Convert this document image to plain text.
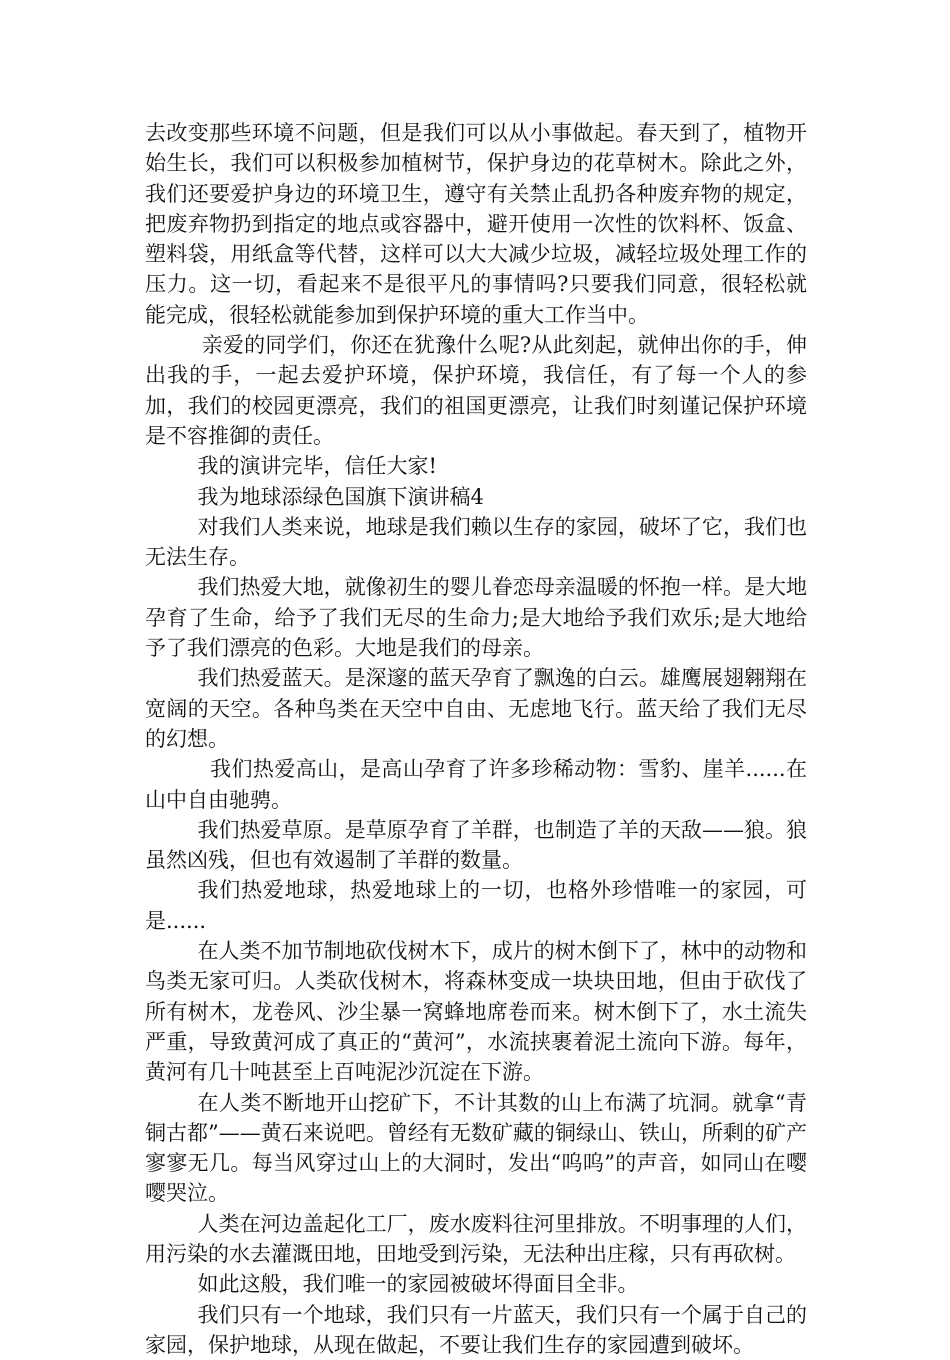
去改变那些环境不问题，但是我们可以从小事做起。春天到了，植物开始生长，我们可以积极参加植树节，保护身边的花草树木。除此之外，我们还要爱护身边的环境卫生，遵守有关禁止乱扔各种废弃物的规定，把废弃物扔到指定的地点或容器中，避开使用一次性的饮料杯、饭盒、塑料袋，用纸盒等代替，这样可以大大减少垃圾，减轻垃圾处理工作的压力。这一切，看起来不是很平凡的事情吗?只要我们同意，很轻松就能完成，很轻松就能参加到保护环境的重大工作当中。

亲爱的同学们，你还在犹豫什么呢?从此刻起，就伸出你的手，伸出我的手，一起去爱护环境，保护环境，我信任，有了每一个人的参加，我们的校园更漂亮，我们的祖国更漂亮，让我们时刻谨记保护环境是不容推御的责任。

我的演讲完毕，信任大家!

我为地球添绿色国旗下演讲稿4

对我们人类来说，地球是我们赖以生存的家园，破坏了它，我们也无法生存。

我们热爱大地，就像初生的婴儿眷恋母亲温暖的怀抱一样。是大地孕育了生命，给予了我们无尽的生命力;是大地给予我们欢乐;是大地给予了我们漂亮的色彩。大地是我们的母亲。

我们热爱蓝天。是深邃的蓝天孕育了飘逸的白云。雄鹰展翅翱翔在宽阔的天空。各种鸟类在天空中自由、无虑地飞行。蓝天给了我们无尽的幻想。

我们热爱高山，是高山孕育了许多珍稀动物：雪豹、崖羊......在山中自由驰骋。

我们热爱草原。是草原孕育了羊群，也制造了羊的天敌——狼。狼虽然凶残，但也有效遏制了羊群的数量。

我们热爱地球，热爱地球上的一切，也格外珍惜唯一的家园，可是......

在人类不加节制地砍伐树木下，成片的树木倒下了，林中的动物和鸟类无家可归。人类砍伐树木，将森林变成一块块田地，但由于砍伐了所有树木，龙卷风、沙尘暴一窝蜂地席卷而来。树木倒下了，水土流失严重，导致黄河成了真正的“黄河”，水流挟裹着泥土流向下游。每年，黄河有几十吨甚至上百吨泥沙沉淀在下游。

在人类不断地开山挖矿下，不计其数的山上布满了坑洞。就拿“青铜古都”——黄石来说吧。曾经有无数矿藏的铜绿山、铁山，所剩的矿产寥寥无几。每当风穿过山上的大洞时，发出“呜呜”的声音，如同山在嘤嘤哭泣。

人类在河边盖起化工厂，废水废料往河里排放。不明事理的人们，用污染的水去灌溉田地，田地受到污染，无法种出庄稼，只有再砍树。

如此这般，我们唯一的家园被破坏得面目全非。

我们只有一个地球，我们只有一片蓝天，我们只有一个属于自己的家园，保护地球，从现在做起，不要让我们生存的家园遭到破坏。
